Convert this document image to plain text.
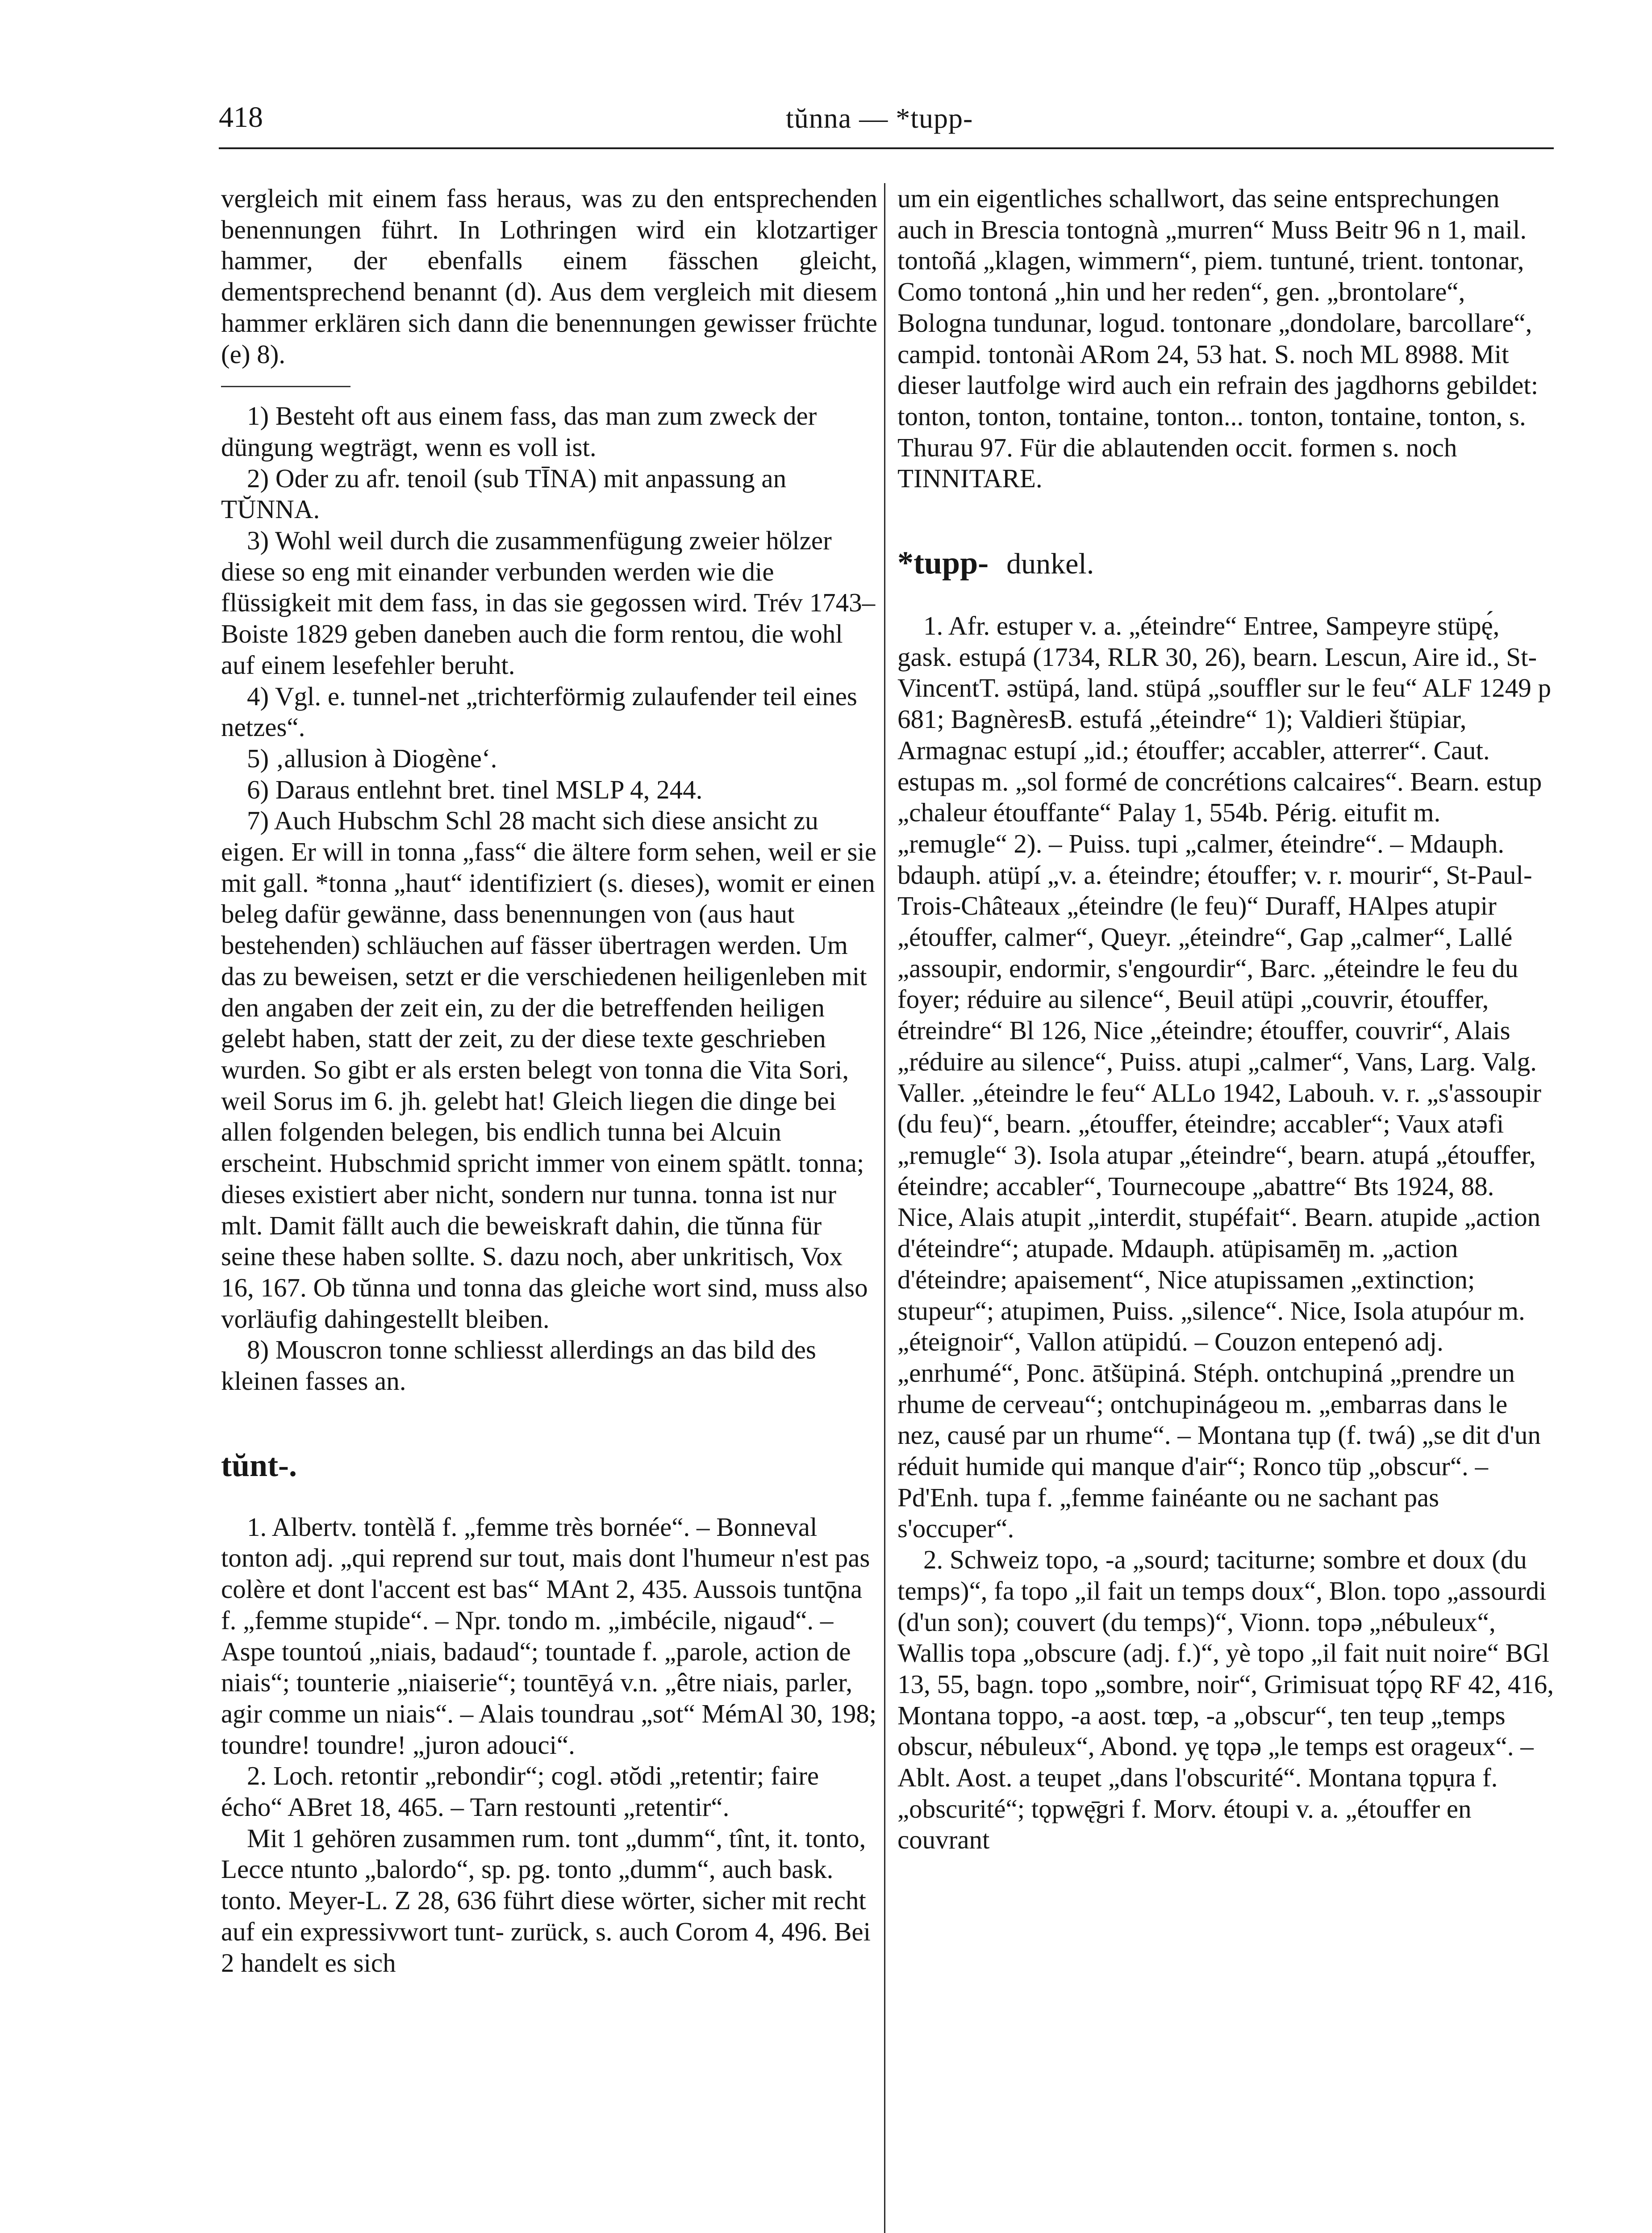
418	tŭnna — *tupp-

vergleich mit einem fass heraus, was zu den entsprechenden benennungen führt. In Lothringen wird ein klotzartiger hammer, der ebenfalls einem fässchen gleicht, dementsprechend benannt (d). Aus dem vergleich mit diesem hammer erklären sich dann die benennungen gewisser früchte (e) 8).

1) Besteht oft aus einem fass, das man zum zweck der düngung wegträgt, wenn es voll ist.

2) Oder zu afr. tenoil (sub TĪNA) mit anpassung an TŬNNA.

3) Wohl weil durch die zusammenfügung zweier hölzer diese so eng mit einander verbunden werden wie die flüssigkeit mit dem fass, in das sie gegossen wird. Trév 1743–Boiste 1829 geben daneben auch die form rentou, die wohl auf einem lesefehler beruht.

4) Vgl. e. tunnel-net „trichterförmig zulaufender teil eines netzes“.

5) ‚allusion à Diogène‘.

6) Daraus entlehnt bret. tinel MSLP 4, 244.

7) Auch Hubschm Schl 28 macht sich diese ansicht zu eigen. Er will in tonna „fass“ die ältere form sehen, weil er sie mit gall. *tonna „haut“ identifiziert (s. dieses), womit er einen beleg dafür gewänne, dass benennungen von (aus haut bestehenden) schläuchen auf fässer übertragen werden. Um das zu beweisen, setzt er die verschiedenen heiligenleben mit den angaben der zeit ein, zu der die betreffenden heiligen gelebt haben, statt der zeit, zu der diese texte geschrieben wurden. So gibt er als ersten belegt von tonna die Vita Sori, weil Sorus im 6. jh. gelebt hat! Gleich liegen die dinge bei allen folgenden belegen, bis endlich tunna bei Alcuin erscheint. Hubschmid spricht immer von einem spätlt. tonna; dieses existiert aber nicht, sondern nur tunna. tonna ist nur mlt. Damit fällt auch die beweiskraft dahin, die tŭnna für seine these haben sollte. S. dazu noch, aber unkritisch, Vox 16, 167. Ob tŭnna und tonna das gleiche wort sind, muss also vorläufig dahingestellt bleiben.

8) Mouscron tonne schliesst allerdings an das bild des kleinen fasses an.

tŭnt-.

1. Albertv. tontèlă f. „femme très bornée“. – Bonneval tonton adj. „qui reprend sur tout, mais dont l'humeur n'est pas colère et dont l'accent est bas“ MAnt 2, 435. Aussois tuntǭna f. „femme stupide“. – Npr. tondo m. „imbécile, nigaud“. – Aspe tountoú „niais, badaud“; tountade f. „parole, action de niais“; tounterie „niaiserie“; tountēyá v.n. „être niais, parler, agir comme un niais“. – Alais toundrau „sot“ MémAl 30, 198; toundre! toundre! „juron adouci“.

2. Loch. retontir „rebondir“; cogl. ətŏdi „retentir; faire écho“ ABret 18, 465. – Tarn restounti „retentir“.

Mit 1 gehören zusammen rum. tont „dumm“, tînt, it. tonto, Lecce ntunto „balordo“, sp. pg. tonto „dumm“, auch bask. tonto. Meyer-L. Z 28, 636 führt diese wörter, sicher mit recht auf ein expressivwort tunt- zurück, s. auch Corom 4, 496. Bei 2 handelt es sich

um ein eigentliches schallwort, das seine entsprechungen auch in Brescia tontognà „murren“ Muss Beitr 96 n 1, mail. tontoñá „klagen, wimmern“, piem. tuntuné, trient. tontonar, Como tontoná „hin und her reden“, gen. „brontolare“, Bologna tundunar, logud. tontonare „dondolare, barcollare“, campid. tontonài ARom 24, 53 hat. S. noch ML 8988. Mit dieser lautfolge wird auch ein refrain des jagdhorns gebildet: tonton, tonton, tontaine, tonton... tonton, tontaine, tonton, s. Thurau 97. Für die ablautenden occit. formen s. noch TINNITARE.

*tupp- dunkel.

1. Afr. estuper v. a. „éteindre“ Entree, Sampeyre stüpę́, gask. estupá (1734, RLR 30, 26), bearn. Lescun, Aire id., St-VincentT. əstüpá, land. stüpá „souffler sur le feu“ ALF 1249 p 681; BagnèresB. estufá „éteindre“ 1); Valdieri štüpiar, Armagnac estupí „id.; étouffer; accabler, atterrer“. Caut. estupas m. „sol formé de concrétions calcaires“. Bearn. estup „chaleur étouffante“ Palay 1, 554b. Périg. eitufit m. „remugle“ 2). – Puiss. tupi „calmer, éteindre“. – Mdauph. bdauph. atüpí „v. a. éteindre; étouffer; v. r. mourir“, St-Paul-Trois-Châteaux „éteindre (le feu)“ Duraff, HAlpes atupir „étouffer, calmer“, Queyr. „éteindre“, Gap „calmer“, Lallé „assoupir, endormir, s'engourdir“, Barc. „éteindre le feu du foyer; réduire au silence“, Beuil atüpi „couvrir, étouffer, étreindre“ Bl 126, Nice „éteindre; étouffer, couvrir“, Alais „réduire au silence“, Puiss. atupi „calmer“, Vans, Larg. Valg. Valler. „éteindre le feu“ ALLo 1942, Labouh. v. r. „s'assoupir (du feu)“, bearn. „étouffer, éteindre; accabler“; Vaux atəfi „remugle“ 3). Isola atupar „éteindre“, bearn. atupá „étouffer, éteindre; accabler“, Tournecoupe „abattre“ Bts 1924, 88. Nice, Alais atupit „interdit, stupéfait“. Bearn. atupide „action d'éteindre“; atupade. Mdauph. atüpisamēŋ m. „action d'éteindre; apaisement“, Nice atupissamen „extinction; stupeur“; atupimen, Puiss. „silence“. Nice, Isola atupóur m. „éteignoir“, Vallon atüpidú. – Couzon entepenó adj. „enrhumé“, Ponc. ātšüpiná. Stéph. ontchupiná „prendre un rhume de cerveau“; ontchupinágeou m. „embarras dans le nez, causé par un rhume“. – Montana tụp (f. twá) „se dit d'un réduit humide qui manque d'air“; Ronco tüp „obscur“. – Pd'Enh. tupa f. „femme fainéante ou ne sachant pas s'occuper“.

2. Schweiz topo, -a „sourd; taciturne; sombre et doux (du temps)“, fa topo „il fait un temps doux“, Blon. topo „assourdi (d'un son); couvert (du temps)“, Vionn. topə „nébuleux“, Wallis topa „obscure (adj. f.)“, yè topo „il fait nuit noire“ BGl 13, 55, bagn. topo „sombre, noir“, Grimisuat tǫ́pǫ RF 42, 416, Montana toppo, -a aost. tœp, -a „obscur“, ten teup „temps obscur, nébuleux“, Abond. yę tǫpə „le temps est orageux“. – Ablt. Aost. a teupet „dans l'obscurité“. Montana tǫpụra f. „obscurité“; tǫpwę̄gri f. Morv. étoupi v. a. „étouffer en couvrant
